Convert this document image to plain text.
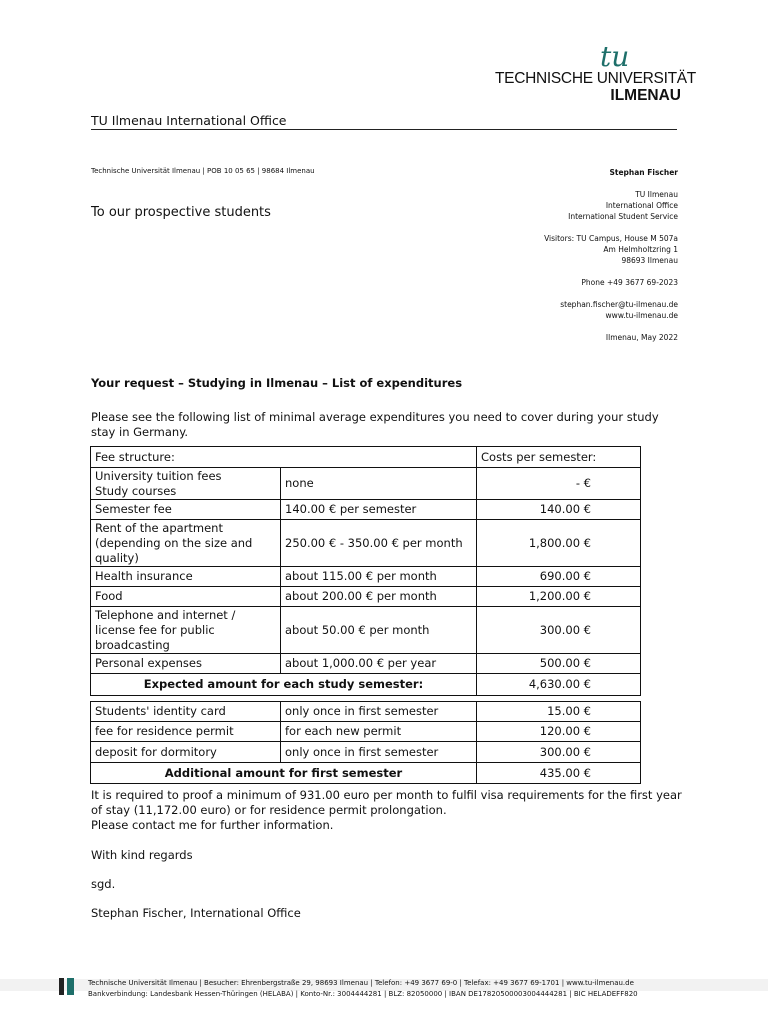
tu
TECHNISCHE UNIVERSITÄT
ILMENAU
TU Ilmenau International Office
Technische Universität Ilmenau | POB 10 05 65 | 98684 Ilmenau
To our prospective students
Stephan Fischer
TU Ilmenau
International Office
International Student Service
Visitors: TU Campus, House M 507a
Am Helmholtzring 1
98693 Ilmenau
Phone +49 3677 69-2023
stephan.fischer@tu-ilmenau.de
www.tu-ilmenau.de
Ilmenau, May 2022
Your request – Studying in Ilmenau – List of expenditures
Please see the following list of minimal average expenditures you need to cover during your study stay in Germany.
Fee structure:		Costs per semester:
University tuition fees
Study courses	none	- €
Semester fee	140.00 € per semester	140.00 €
Rent of the apartment (depending on the size and quality)	250.00 € - 350.00 € per month	1,800.00 €
Health insurance	about 115.00 € per month	690.00 €
Food	about 200.00 € per month	1,200.00 €
Telephone and internet / license fee for public broadcasting	about 50.00 € per month	300.00 €
Personal expenses	about 1,000.00 € per year	500.00 €
Expected amount for each study semester:		4,630.00 €
Students' identity card	only once in first semester	15.00 €
fee for residence permit	for each new permit	120.00 €
deposit for dormitory	only once in first semester	300.00 €
Additional amount for first semester		435.00 €
It is required to proof a minimum of 931.00 euro per month to fulfil visa requirements for the first year of stay (11,172.00 euro) or for residence permit prolongation.
Please contact me for further information.
With kind regards
sgd.
Stephan Fischer, International Office
Technische Universität Ilmenau | Besucher: Ehrenbergstraße 29, 98693 Ilmenau | Telefon: +49 3677 69-0 | Telefax: +49 3677 69-1701 | www.tu-ilmenau.de
Bankverbindung: Landesbank Hessen-Thüringen (HELABA) | Konto-Nr.: 3004444281 | BLZ: 82050000 | IBAN DE17820500003004444281 | BIC HELADEFF820
